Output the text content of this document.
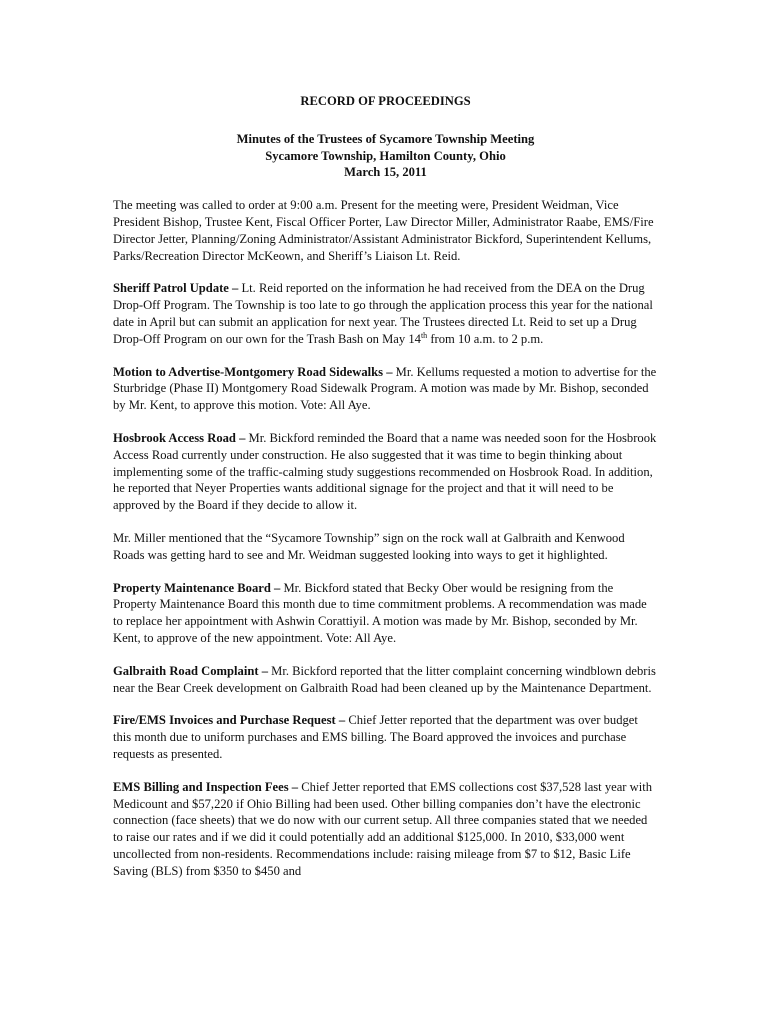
RECORD OF PROCEEDINGS
Minutes of the Trustees of Sycamore Township Meeting
Sycamore Township, Hamilton County, Ohio
March 15, 2011

The meeting was called to order at 9:00 a.m. Present for the meeting were, President Weidman, Vice President Bishop, Trustee Kent, Fiscal Officer Porter, Law Director Miller, Administrator Raabe, EMS/Fire Director Jetter, Planning/Zoning Administrator/Assistant Administrator Bickford, Superintendent Kellums, Parks/Recreation Director McKeown, and Sheriff’s Liaison Lt. Reid.

Sheriff Patrol Update – Lt. Reid reported on the information he had received from the DEA on the Drug Drop-Off Program. The Township is too late to go through the application process this year for the national date in April but can submit an application for next year. The Trustees directed Lt. Reid to set up a Drug Drop-Off Program on our own for the Trash Bash on May 14th from 10 a.m. to 2 p.m.

Motion to Advertise-Montgomery Road Sidewalks – Mr. Kellums requested a motion to advertise for the Sturbridge (Phase II) Montgomery Road Sidewalk Program. A motion was made by Mr. Bishop, seconded by Mr. Kent, to approve this motion. Vote: All Aye.

Hosbrook Access Road – Mr. Bickford reminded the Board that a name was needed soon for the Hosbrook Access Road currently under construction. He also suggested that it was time to begin thinking about implementing some of the traffic-calming study suggestions recommended on Hosbrook Road. In addition, he reported that Neyer Properties wants additional signage for the project and that it will need to be approved by the Board if they decide to allow it.

Mr. Miller mentioned that the “Sycamore Township” sign on the rock wall at Galbraith and Kenwood Roads was getting hard to see and Mr. Weidman suggested looking into ways to get it highlighted.

Property Maintenance Board – Mr. Bickford stated that Becky Ober would be resigning from the Property Maintenance Board this month due to time commitment problems. A recommendation was made to replace her appointment with Ashwin Corattiyil. A motion was made by Mr. Bishop, seconded by Mr. Kent, to approve of the new appointment. Vote: All Aye.

Galbraith Road Complaint – Mr. Bickford reported that the litter complaint concerning windblown debris near the Bear Creek development on Galbraith Road had been cleaned up by the Maintenance Department.

Fire/EMS Invoices and Purchase Request – Chief Jetter reported that the department was over budget this month due to uniform purchases and EMS billing. The Board approved the invoices and purchase requests as presented.

EMS Billing and Inspection Fees – Chief Jetter reported that EMS collections cost $37,528 last year with Medicount and $57,220 if Ohio Billing had been used. Other billing companies don’t have the electronic connection (face sheets) that we do now with our current setup. All three companies stated that we needed to raise our rates and if we did it could potentially add an additional $125,000. In 2010, $33,000 went uncollected from non-residents. Recommendations include: raising mileage from $7 to $12, Basic Life Saving (BLS) from $350 to $450 and
